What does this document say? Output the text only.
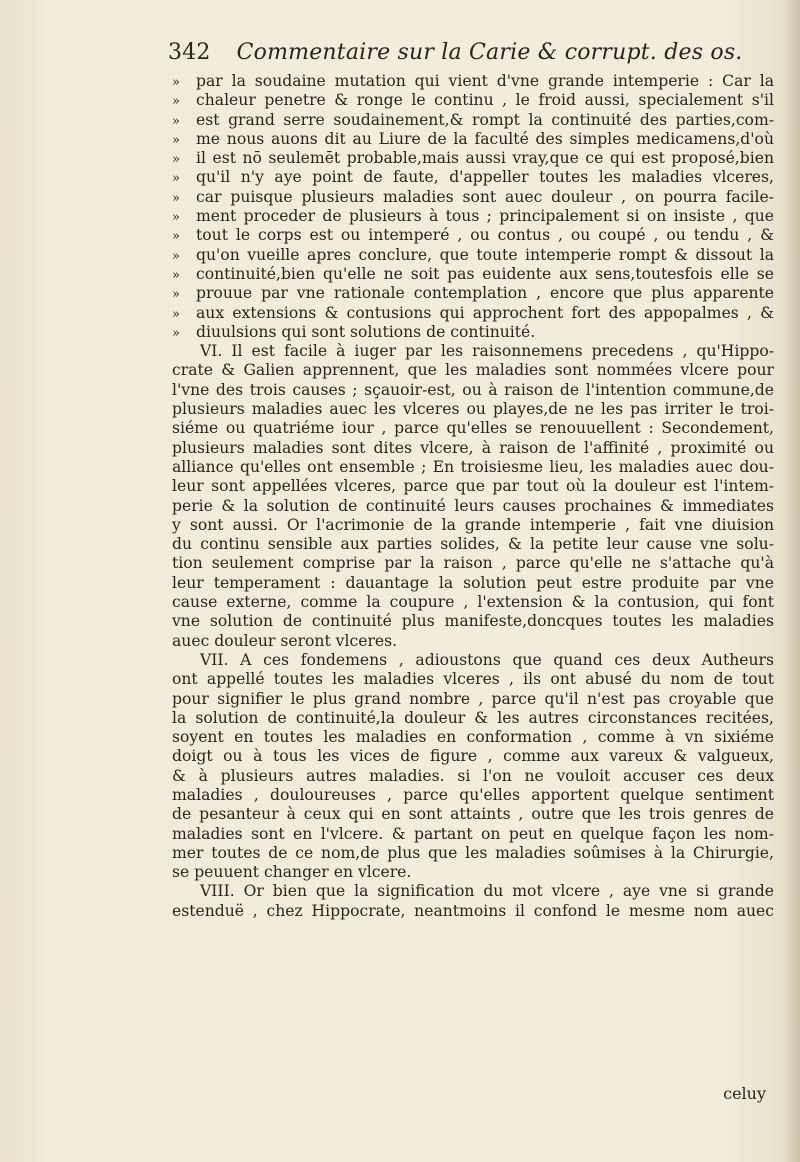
342 Commentaire sur la Carie & corrupt. des os.
» par la soudaine mutation qui vient d'vne grande intemperie : Car la
» chaleur penetre & ronge le continu , le froid aussi, specialement s'il
» est grand serre soudainement,& rompt la continuité des parties,com-
» me nous auons dit au Liure de la faculté des simples medicamens,d'où
» il est nō seulemēt probable,mais aussi vray,que ce qui est proposé,bien
» qu'il n'y aye point de faute, d'appeller toutes les maladies vlceres,
» car puisque plusieurs maladies sont auec douleur , on pourra facile-
» ment proceder de plusieurs à tous ; principalement si on insiste , que
» tout le corps est ou intemperé , ou contus , ou coupé , ou tendu , &
» qu'on vueille apres conclure, que toute intemperie rompt & dissout la
» continuité,bien qu'elle ne soit pas euidente aux sens,toutesfois elle se
» prouue par vne rationale contemplation , encore que plus apparente
» aux extensions & contusions qui approchent fort des appopalmes , &
» diuulsions qui sont solutions de continuité.
VI. Il est facile à iuger par les raisonnemens precedens , qu'Hippo-
crate & Galien apprennent, que les maladies sont nommées vlcere pour
l'vne des trois causes ; sçauoir-est, ou à raison de l'intention commune,de
plusieurs maladies auec les vlceres ou playes,de ne les pas irriter le troi-
siéme ou quatriéme iour , parce qu'elles se renouuellent : Secondement,
plusieurs maladies sont dites vlcere, à raison de l'affinité , proximité ou
alliance qu'elles ont ensemble ; En troisiesme lieu, les maladies auec dou-
leur sont appellées vlceres, parce que par tout où la douleur est l'intem-
perie & la solution de continuité leurs causes prochaines & immediates
y sont aussi. Or l'acrimonie de la grande intemperie , fait vne diuision
du continu sensible aux parties solides, & la petite leur cause vne solu-
tion seulement comprise par la raison , parce qu'elle ne s'attache qu'à
leur temperament : dauantage la solution peut estre produite par vne
cause externe, comme la coupure , l'extension & la contusion, qui font
vne solution de continuité plus manifeste,doncques toutes les maladies
auec douleur seront vlceres.
VII. A ces fondemens , adioustons que quand ces deux Autheurs
ont appellé toutes les maladies vlceres , ils ont abusé du nom de tout
pour signifier le plus grand nombre , parce qu'il n'est pas croyable que
la solution de continuité,la douleur & les autres circonstances recitées,
soyent en toutes les maladies en conformation , comme à vn sixiéme
doigt ou à tous les vices de figure , comme aux vareux & valgueux,
& à plusieurs autres maladies. si l'on ne vouloit accuser ces deux
maladies , douloureuses , parce qu'elles apportent quelque sentiment
de pesanteur à ceux qui en sont attaints , outre que les trois genres de
maladies sont en l'vlcere. & partant on peut en quelque façon les nom-
mer toutes de ce nom,de plus que les maladies soûmises à la Chirurgie,
se peuuent changer en vlcere.
VIII. Or bien que la signification du mot vlcere , aye vne si grande
estenduë , chez Hippocrate, neantmoins il confond le mesme nom auec
celuy
